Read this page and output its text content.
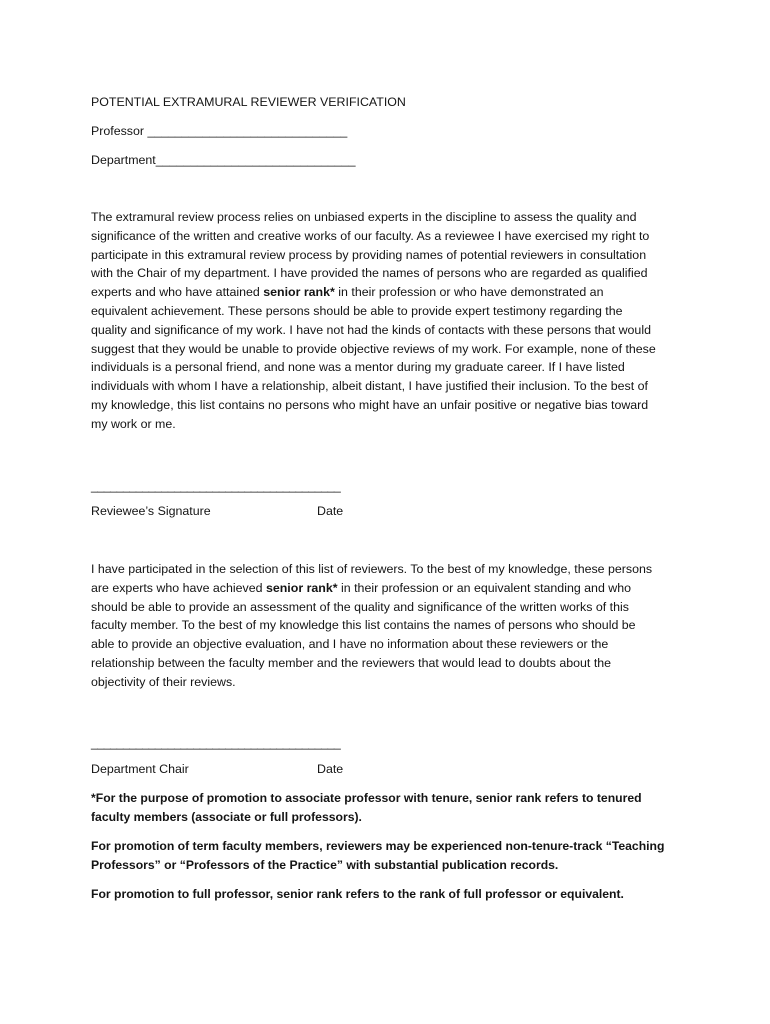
POTENTIAL EXTRAMURAL REVIEWER VERIFICATION
Professor _____________________________
Department_____________________________
The extramural review process relies on unbiased experts in the discipline to assess the quality and
significance of the written and creative works of our faculty. As a reviewee I have exercised my right to
participate in this extramural review process by providing names of potential reviewers in consultation
with the Chair of my department. I have provided the names of persons who are regarded as qualified
experts and who have attained senior rank* in their profession or who have demonstrated an
equivalent achievement. These persons should be able to provide expert testimony regarding the
quality and significance of my work. I have not had the kinds of contacts with these persons that would
suggest that they would be unable to provide objective reviews of my work. For example, none of these
individuals is a personal friend, and none was a mentor during my graduate career. If I have listed
individuals with whom I have a relationship, albeit distant, I have justified their inclusion. To the best of
my knowledge, this list contains no persons who might have an unfair positive or negative bias toward
my work or me.
_______________________________________
Reviewee’s Signature	Date
I have participated in the selection of this list of reviewers. To the best of my knowledge, these persons
are experts who have achieved senior rank* in their profession or an equivalent standing and who
should be able to provide an assessment of the quality and significance of the written works of this
faculty member. To the best of my knowledge this list contains the names of persons who should be
able to provide an objective evaluation, and I have no information about these reviewers or the
relationship between the faculty member and the reviewers that would lead to doubts about the
objectivity of their reviews.
_______________________________________
Department Chair	Date
*For the purpose of promotion to associate professor with tenure, senior rank refers to tenured
faculty members (associate or full professors).
For promotion of term faculty members, reviewers may be experienced non-tenure-track “Teaching
Professors” or “Professors of the Practice” with substantial publication records.
For promotion to full professor, senior rank refers to the rank of full professor or equivalent.
